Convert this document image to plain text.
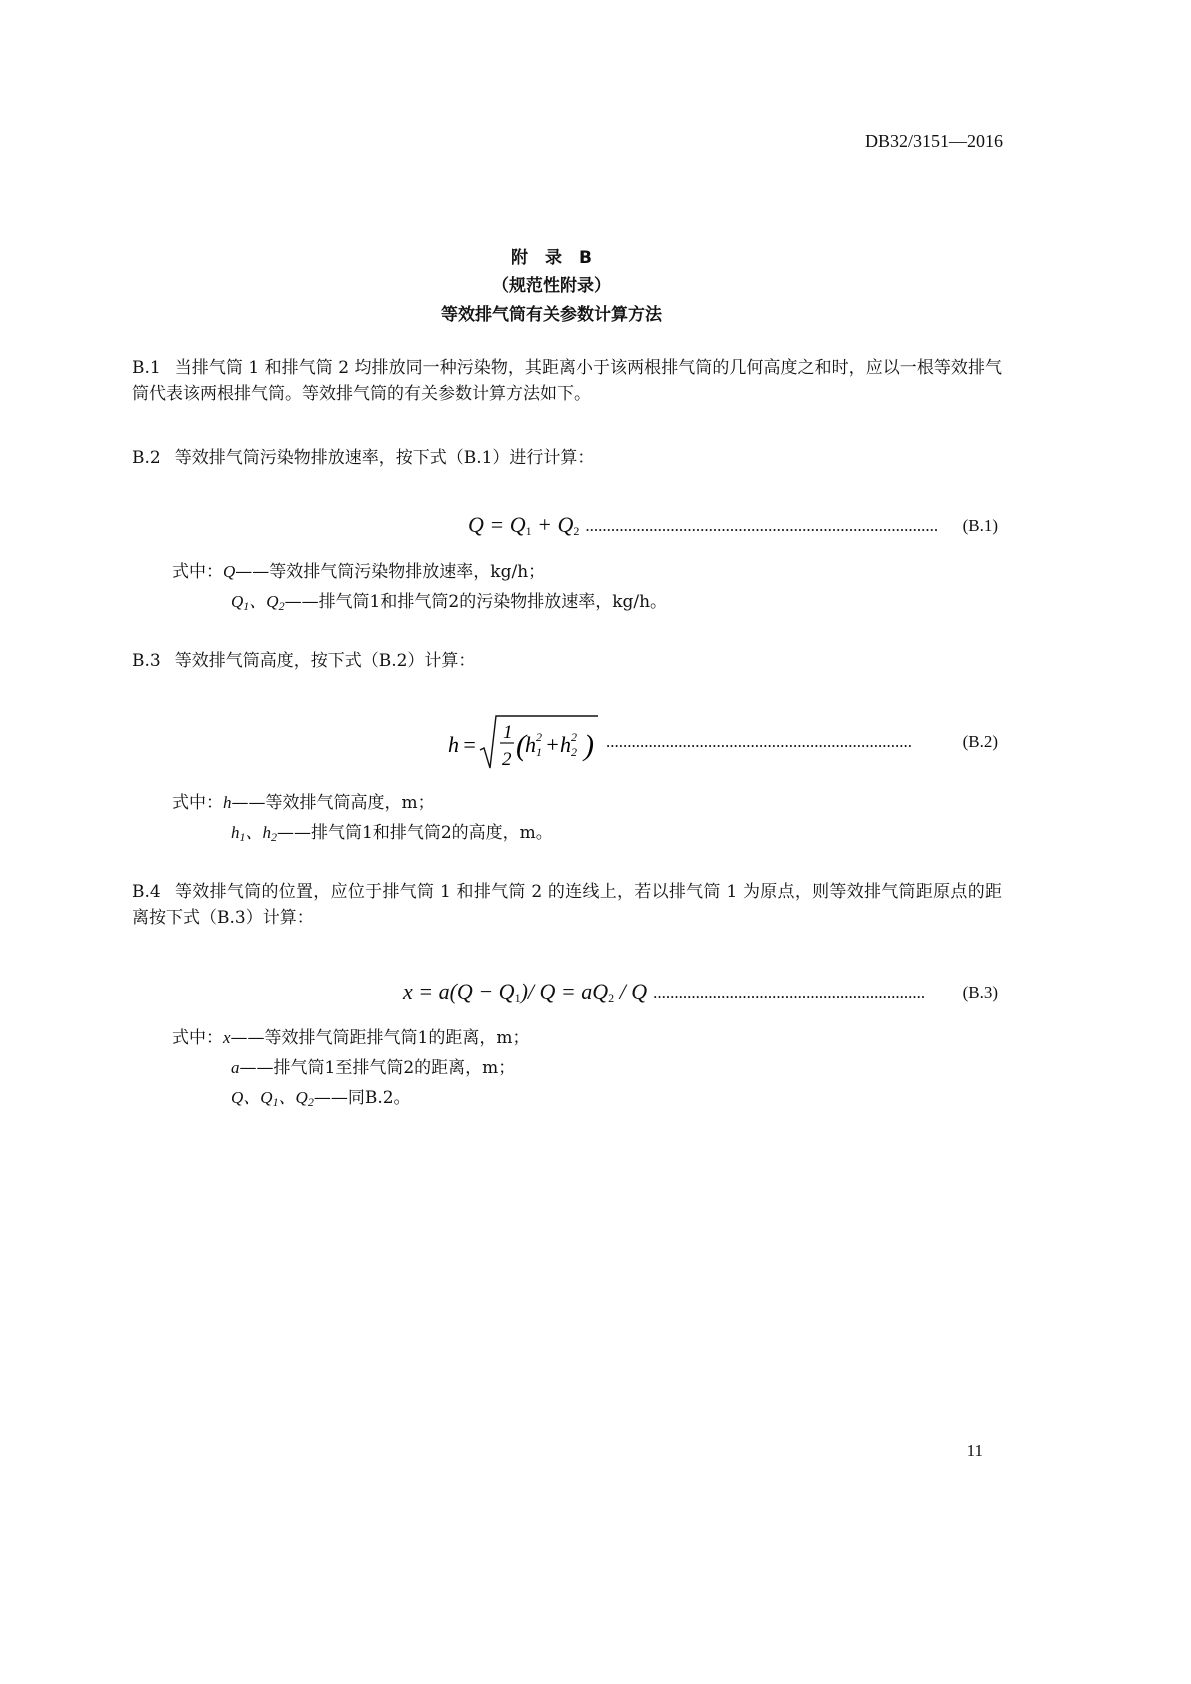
DB32/3151—2016
附　录　B
（规范性附录）
等效排气筒有关参数计算方法
B.1 当排气筒 1 和排气筒 2 均排放同一种污染物，其距离小于该两根排气筒的几何高度之和时，应以一根等效排气筒代表该两根排气筒。等效排气筒的有关参数计算方法如下。
B.2 等效排气筒污染物排放速率，按下式（B.1）进行计算：
$Q = Q_1 + Q_2$ ...................................................................................	(B.1)
式中：Q——等效排气筒污染物排放速率，kg/h；
$Q_1$、$Q_2——$排气筒1和排气筒2的污染物排放速率，kg/h。
B.3 等效排气筒高度，按下式（B.2）计算：
h = 1
2 ( h 1
2 + h 2
2 ) ........................................................................	(B.2)
式中：h——等效排气筒高度，m；
$h_1$、$h_2——$排气筒1和排气筒2的高度，m。
B.4 等效排气筒的位置，应位于排气筒 1 和排气筒 2 的连线上，若以排气筒 1 为原点，则等效排气筒距原点的距离按下式（B.3）计算：
$x = a(Q - Q_1)/$ $Q = aQ_2 / Q$ ................................................................	(B.3)
式中：x——等效排气筒距排气筒1的距离，m；
a——排气筒1至排气筒2的距离，m；
Q、$Q_1$、$Q_2——$同B.2。
11
